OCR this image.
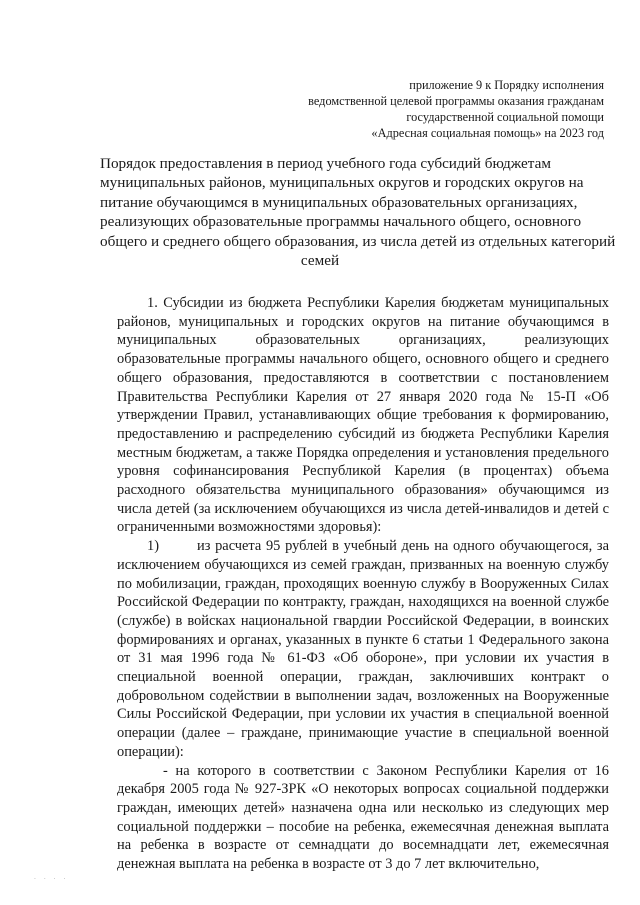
приложение 9 к Порядку исполнения
ведомственной целевой программы оказания гражданам
государственной социальной помощи
«Адресная социальная помощь» на 2023 год
Порядок предоставления в период учебного года субсидий бюджетам
муниципальных районов, муниципальных округов и городских округов на
питание обучающимся в муниципальных образовательных организациях,
реализующих образовательные программы начального общего, основного
общего и среднего общего образования, из числа детей из отдельных категорий
семей

1. Субсидии из бюджета Республики Карелия бюджетам муниципальных районов, муниципальных и городских округов на питание обучающимся в муниципальных образовательных организациях, реализующих образовательные программы начального общего, основного общего и среднего общего образования, предоставляются в соответствии с постановлением Правительства Республики Карелия от 27 января 2020 года № 15-П «Об утверждении Правил, устанавливающих общие требования к формированию, предоставлению и распределению субсидий из бюджета Республики Карелия местным бюджетам, а также Порядка определения и установления предельного уровня софинансирования Республикой Карелия (в процентах) объема расходного обязательства муниципального образования» обучающимся из числа детей (за исключением обучающихся из числа детей-инвалидов и детей с ограниченными возможностями здоровья):

1)	из расчета 95 рублей в учебный день на одного обучающегося, за исключением обучающихся из семей граждан, призванных на военную службу по мобилизации, граждан, проходящих военную службу в Вооруженных Силах Российской Федерации по контракту, граждан, находящихся на военной службе (службе) в войсках национальной гвардии Российской Федерации, в воинских формированиях и органах, указанных в пункте 6 статьи 1 Федерального закона от 31 мая 1996 года № 61-ФЗ «Об обороне», при условии их участия в специальной военной операции, граждан, заключивших контракт о добровольном содействии в выполнении задач, возложенных на Вооруженные Силы Российской Федерации, при условии их участия в специальной военной операции (далее – граждане, принимающие участие в специальной военной операции):

- на которого в соответствии с Законом Республики Карелия от 16 декабря 2005 года № 927-ЗРК «О некоторых вопросах социальной поддержки граждан, имеющих детей» назначена одна или несколько из следующих мер социальной поддержки – пособие на ребенка, ежемесячная денежная выплата на ребенка в возрасте от семнадцати до восемнадцати лет, ежемесячная денежная выплата на ребенка в возрасте от 3 до 7 лет включительно,

· · · ·
